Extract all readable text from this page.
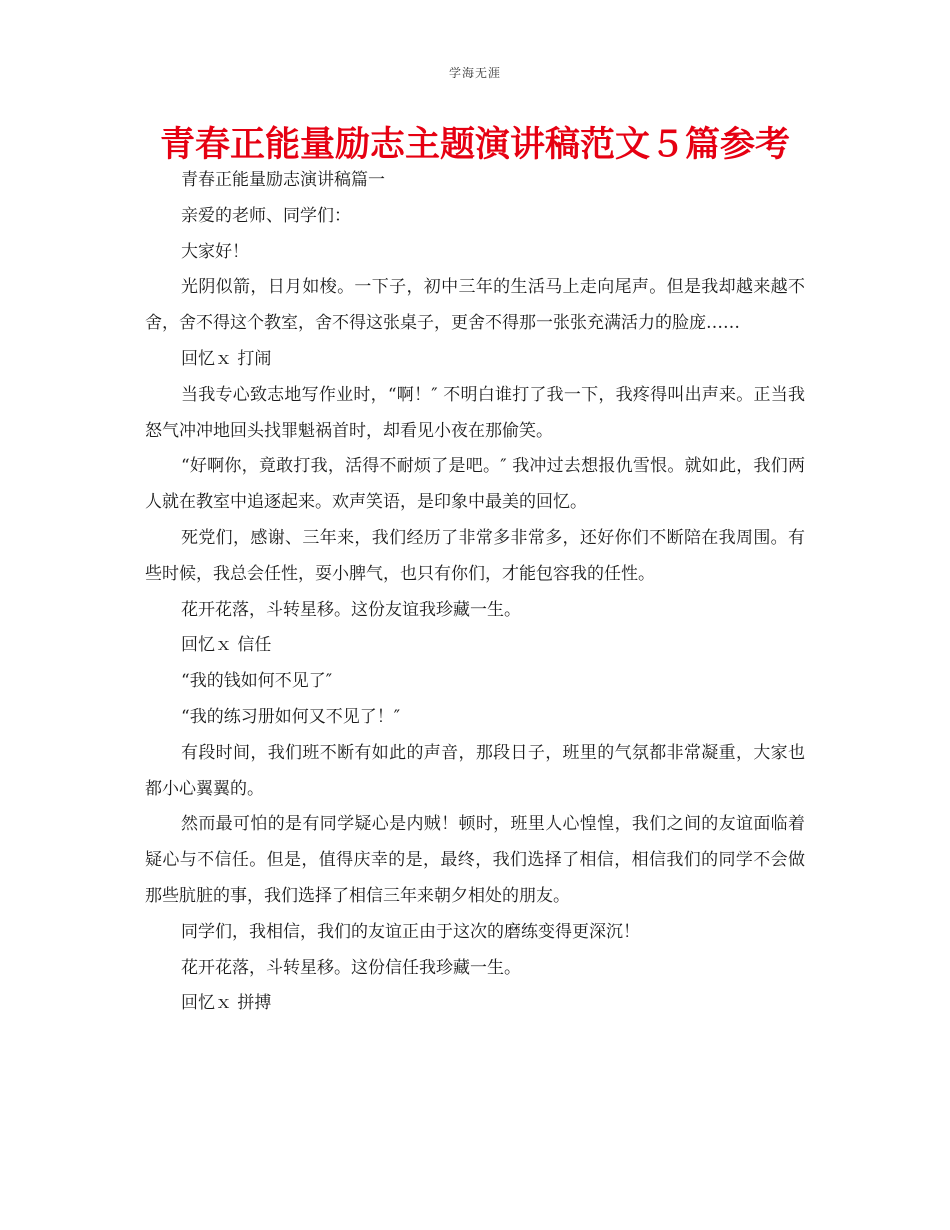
学海无涯
青春正能量励志主题演讲稿范文５篇参考

青春正能量励志演讲稿篇一

亲爱的老师、同学们：

大家好！

光阴似箭，日月如梭。一下子，初中三年的生活马上走向尾声。但是我却越来越不舍，舍不得这个教室，舍不得这张桌子，更舍不得那一张张充满活力的脸庞……

回忆ｘ 打闹

当我专心致志地写作业时，“啊！″ 不明白谁打了我一下，我疼得叫出声来。正当我怒气冲冲地回头找罪魁祸首时，却看见小夜在那偷笑。

“好啊你，竟敢打我，活得不耐烦了是吧。″ 我冲过去想报仇雪恨。就如此，我们两人就在教室中追逐起来。欢声笑语，是印象中最美的回忆。

死党们，感谢、三年来，我们经历了非常多非常多，还好你们不断陪在我周围。有些时候，我总会任性，耍小脾气，也只有你们，才能包容我的任性。

花开花落，斗转星移。这份友谊我珍藏一生。

回忆ｘ 信任

“我的钱如何不见了″

“我的练习册如何又不见了！″

有段时间，我们班不断有如此的声音，那段日子，班里的气氛都非常凝重，大家也都小心翼翼的。

然而最可怕的是有同学疑心是内贼！顿时，班里人心惶惶，我们之间的友谊面临着疑心与不信任。但是，值得庆幸的是，最终，我们选择了相信，相信我们的同学不会做那些肮脏的事，我们选择了相信三年来朝夕相处的朋友。

同学们，我相信，我们的友谊正由于这次的磨练变得更深沉！

花开花落，斗转星移。这份信任我珍藏一生。

回忆ｘ 拼搏
